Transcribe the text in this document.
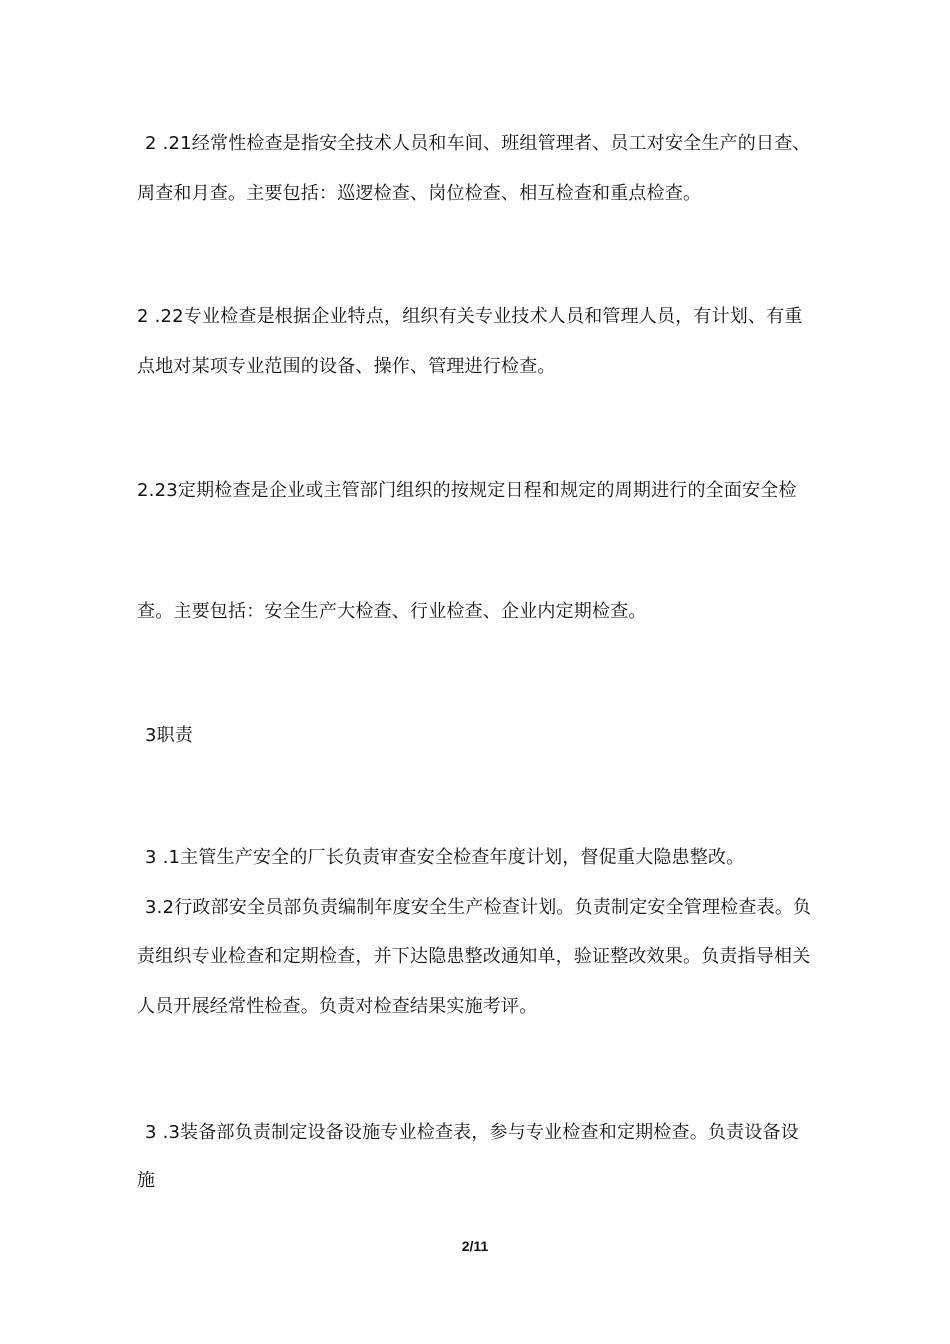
2 .21经常性检查是指安全技术人员和车间、班组管理者、员工对安全生产的日查、
周查和月查。主要包括：巡逻检查、岗位检查、相互检查和重点检查。
2 .22专业检查是根据企业特点，组织有关专业技术人员和管理人员，有计划、有重
点地对某项专业范围的设备、操作、管理进行检查。
2.23定期检查是企业或主管部门组织的按规定日程和规定的周期进行的全面安全检
查。主要包括：安全生产大检查、行业检查、企业内定期检查。
3职责
3 .1主管生产安全的厂长负责审查安全检查年度计划，督促重大隐患整改。
3.2行政部安全员部负责编制年度安全生产检查计划。负责制定安全管理检查表。负
责组织专业检查和定期检查，并下达隐患整改通知单，验证整改效果。负责指导相关
人员开展经常性检查。负责对检查结果实施考评。
3 .3装备部负责制定设备设施专业检查表，参与专业检查和定期检查。负责设备设
施
2/11
